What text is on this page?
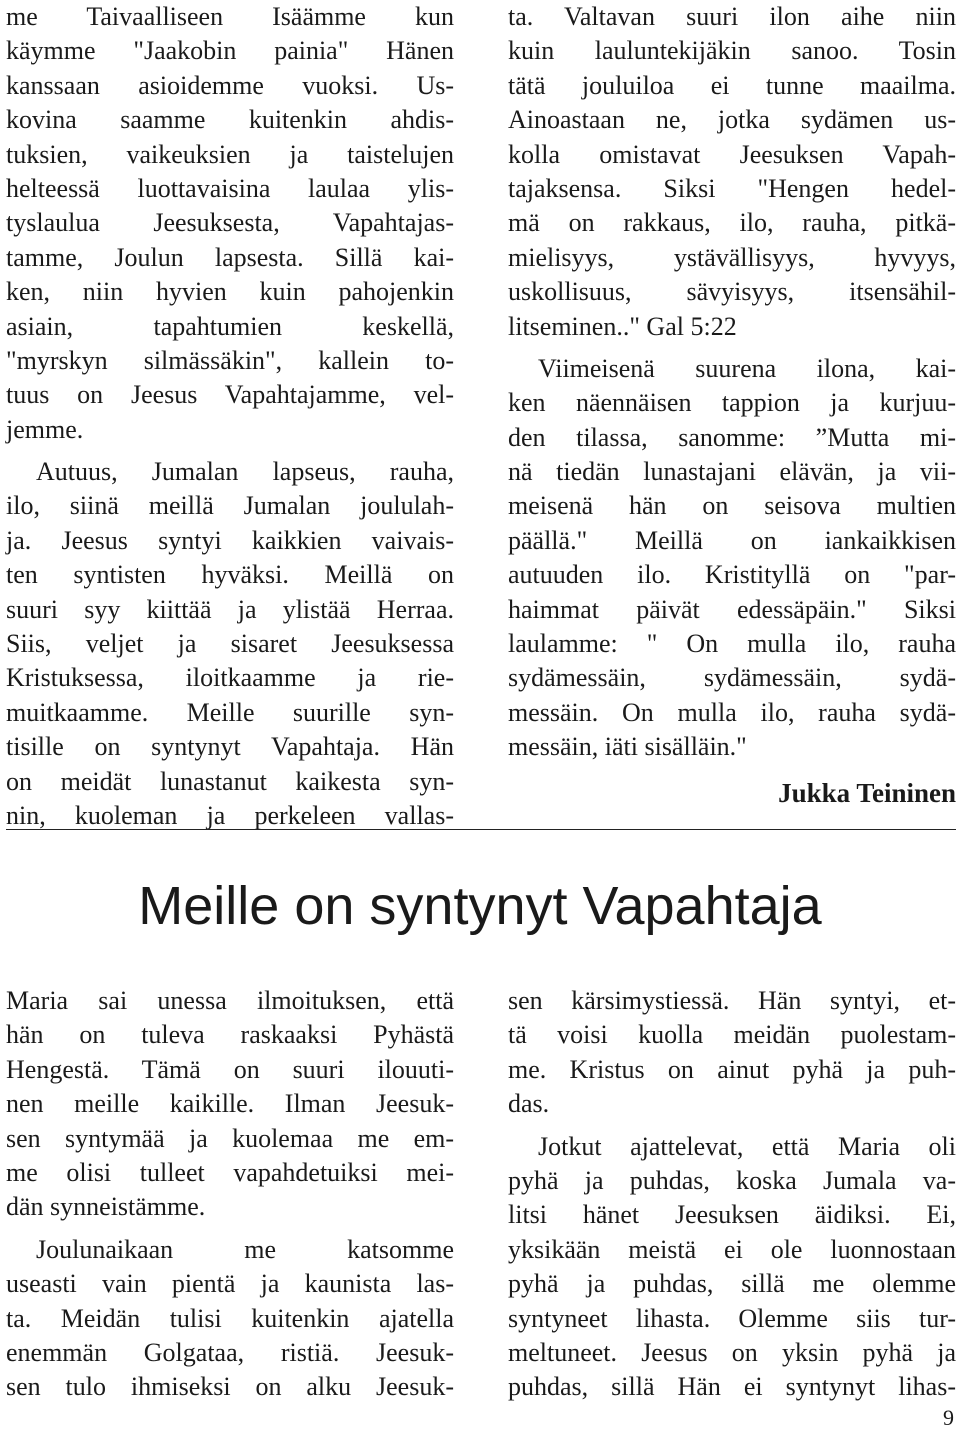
me Taivaalliseen Isäämme kun
käymme "Jaakobin painia" Hänen
kanssaan asioidemme vuoksi. Us-
kovina saamme kuitenkin ahdis-
tuksien, vaikeuksien ja taistelujen
helteessä luottavaisina laulaa ylis-
tyslaulua Jeesuksesta, Vapahtajas-
tamme, Joulun lapsesta. Sillä kai-
ken, niin hyvien kuin pahojenkin
asiain, tapahtumien keskellä,
"myrskyn silmässäkin", kallein to-
tuus on Jeesus Vapahtajamme, vel-
jemme.
Autuus, Jumalan lapseus, rauha,
ilo, siinä meillä Jumalan joululah-
ja. Jeesus syntyi kaikkien vaivais-
ten syntisten hyväksi. Meillä on
suuri syy kiittää ja ylistää Herraa.
Siis, veljet ja sisaret Jeesuksessa
Kristuksessa, iloitkaamme ja rie-
muitkaamme. Meille suurille syn-
tisille on syntynyt Vapahtaja. Hän
on meidät lunastanut kaikesta syn-
nin, kuoleman ja perkeleen vallas-
ta. Valtavan suuri ilon aihe niin
kuin lauluntekijäkin sanoo. Tosin
tätä jouluiloa ei tunne maailma.
Ainoastaan ne, jotka sydämen us-
kolla omistavat Jeesuksen Vapah-
tajaksensa. Siksi "Hengen hedel-
mä on rakkaus, ilo, rauha, pitkä-
mielisyys, ystävällisyys, hyvyys,
uskollisuus, sävyisyys, itsensähil-
litseminen.." Gal 5:22
Viimeisenä suurena ilona, kai-
ken näennäisen tappion ja kurjuu-
den tilassa, sanomme: ”Mutta mi-
nä tiedän lunastajani elävän, ja vii-
meisenä hän on seisova multien
päällä." Meillä on iankaikkisen
autuuden ilo. Kristityllä on "par-
haimmat päivät edessäpäin." Siksi
laulamme: " On mulla ilo, rauha
sydämessäin, sydämessäin, sydä-
messäin. On mulla ilo, rauha sydä-
messäin, iäti sisälläin."
Jukka Teininen
Meille on syntynyt Vapahtaja
Maria sai unessa ilmoituksen, että
hän on tuleva raskaaksi Pyhästä
Hengestä. Tämä on suuri ilouuti-
nen meille kaikille. Ilman Jeesuk-
sen syntymää ja kuolemaa me em-
me olisi tulleet vapahdetuiksi mei-
dän synneistämme.
Joulunaikaan me katsomme
useasti vain pientä ja kaunista las-
ta. Meidän tulisi kuitenkin ajatella
enemmän Golgataa, ristiä. Jeesuk-
sen tulo ihmiseksi on alku Jeesuk-
sen kärsimystiessä. Hän syntyi, et-
tä voisi kuolla meidän puolestam-
me. Kristus on ainut pyhä ja puh-
das.
Jotkut ajattelevat, että Maria oli
pyhä ja puhdas, koska Jumala va-
litsi hänet Jeesuksen äidiksi. Ei,
yksikään meistä ei ole luonnostaan
pyhä ja puhdas, sillä me olemme
syntyneet lihasta. Olemme siis tur-
meltuneet. Jeesus on yksin pyhä ja
puhdas, sillä Hän ei syntynyt lihas-
9
